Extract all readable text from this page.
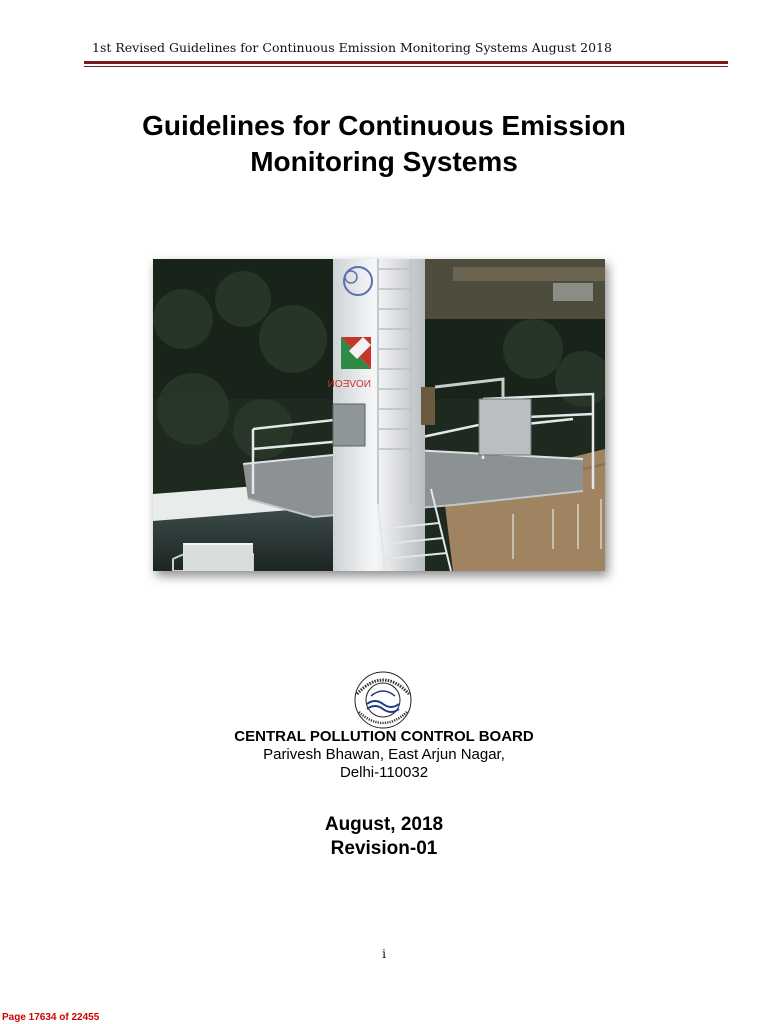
1st Revised Guidelines for Continuous Emission Monitoring Systems August 2018
Guidelines for Continuous Emission
Monitoring Systems
NOVEON
CENTRAL POLLUTION CONTROL BOARD
Parivesh Bhawan, East Arjun Nagar,
Delhi-110032
August, 2018
Revision-01
i
Page 17634 of 22455
